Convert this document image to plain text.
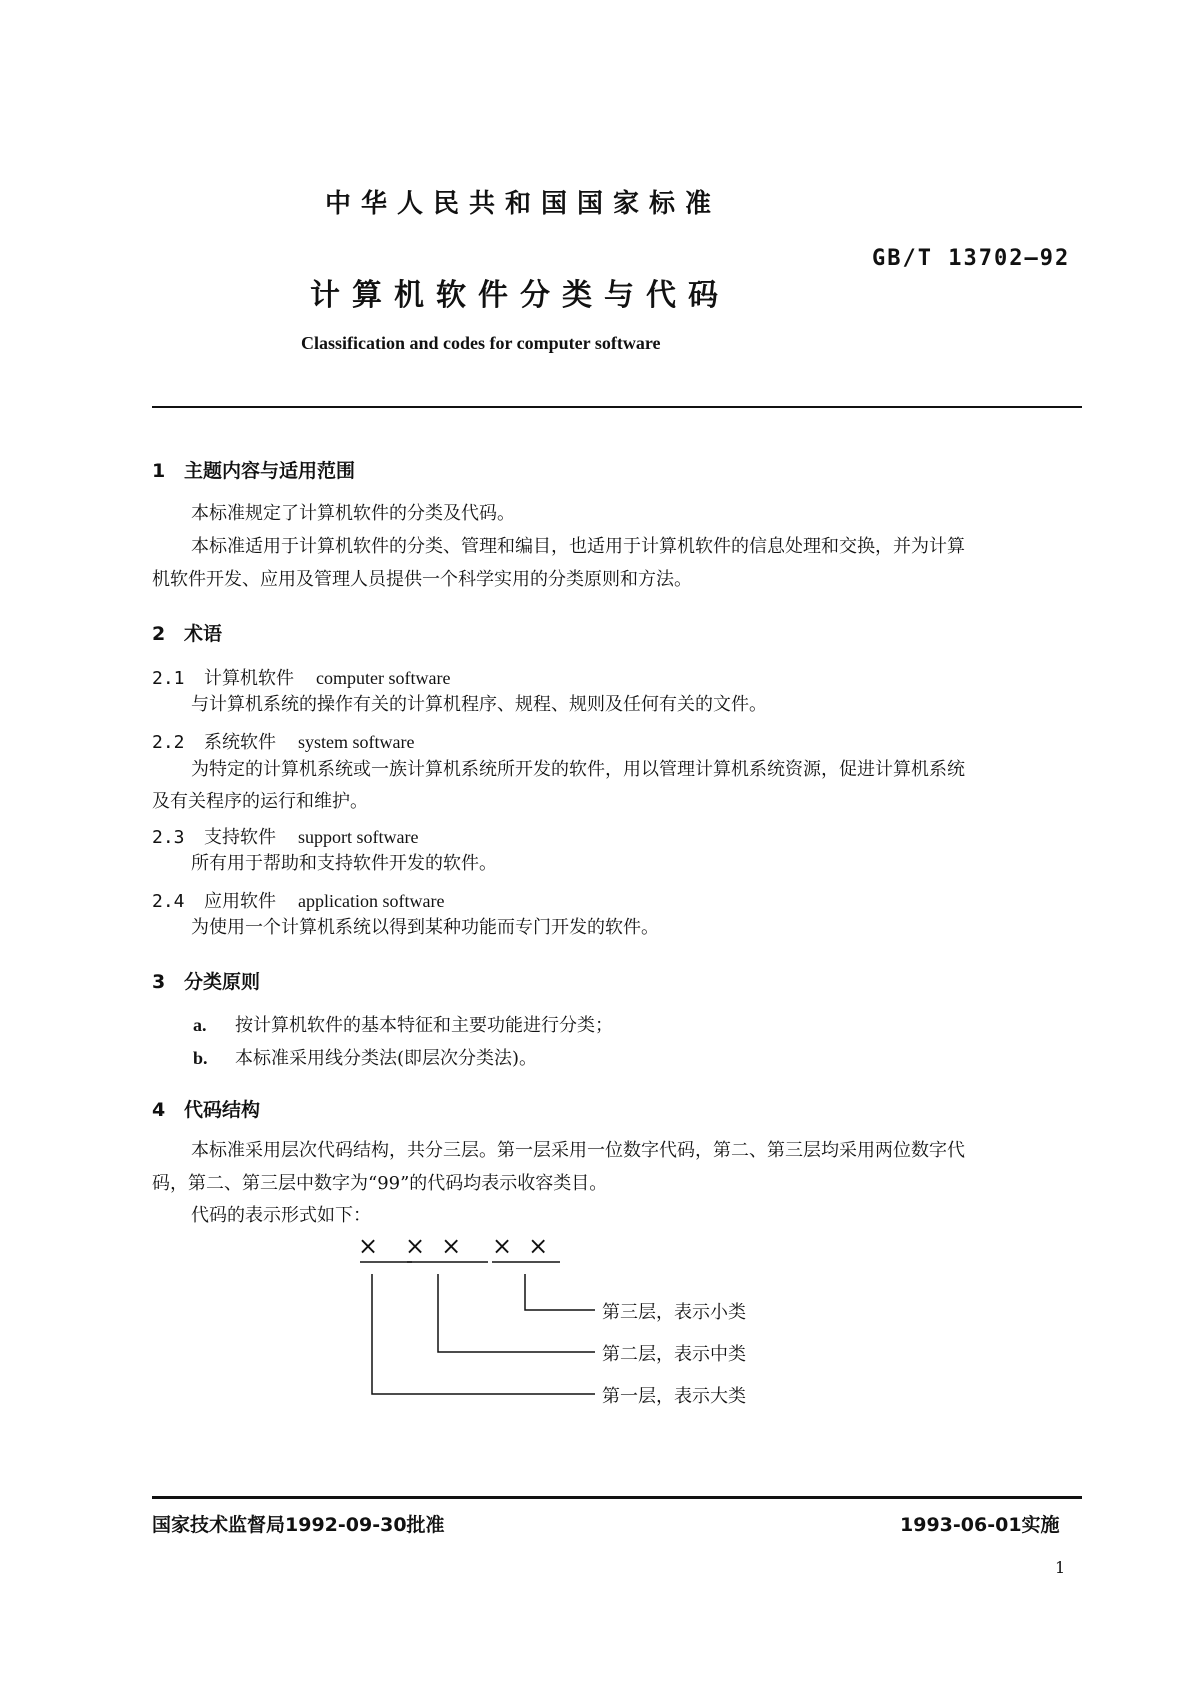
中华人民共和国国家标准
GB/T 13702—92
计算机软件分类与代码
Classification and codes for computer software
1 主题内容与适用范围
本标准规定了计算机软件的分类及代码。
本标准适用于计算机软件的分类、管理和编目，也适用于计算机软件的信息处理和交换，并为计算
机软件开发、应用及管理人员提供一个科学实用的分类原则和方法。
2 术语
2.1 计算机软件 computer software
与计算机系统的操作有关的计算机程序、规程、规则及任何有关的文件。
2.2 系统软件 system software
为特定的计算机系统或一族计算机系统所开发的软件，用以管理计算机系统资源，促进计算机系统
及有关程序的运行和维护。
2.3 支持软件 support software
所有用于帮助和支持软件开发的软件。
2.4 应用软件 application software
为使用一个计算机系统以得到某种功能而专门开发的软件。
3 分类原则
a. 按计算机软件的基本特征和主要功能进行分类；
b. 本标准采用线分类法(即层次分类法)。
4 代码结构
本标准采用层次代码结构，共分三层。第一层采用一位数字代码，第二、第三层均采用两位数字代
码，第二、第三层中数字为“99”的代码均表示收容类目。
代码的表示形式如下：
× ×× ××
第三层，表示小类
第二层，表示中类
第一层，表示大类
国家技术监督局1992-09-30批准	1993-06-01实施
1
